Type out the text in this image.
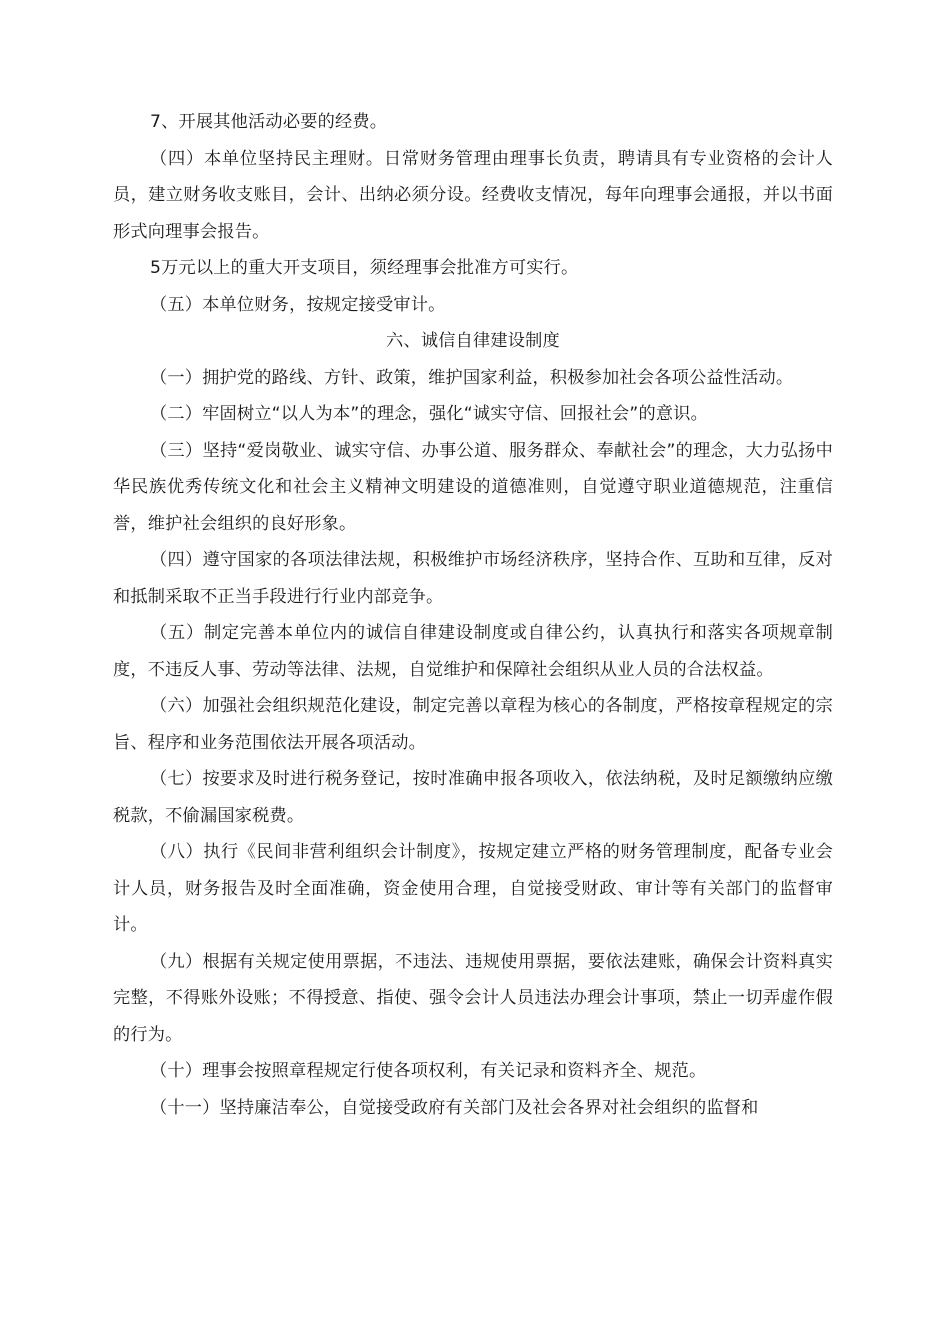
7、开展其他活动必要的经费。

（四）本单位坚持民主理财。日常财务管理由理事长负责，聘请具有专业资格的会计人员，建立财务收支账目，会计、出纳必须分设。经费收支情况，每年向理事会通报，并以书面形式向理事会报告。

5万元以上的重大开支项目，须经理事会批准方可实行。

（五）本单位财务，按规定接受审计。

六、诚信自律建设制度

（一）拥护党的路线、方针、政策，维护国家利益，积极参加社会各项公益性活动。

（二）牢固树立“以人为本”的理念，强化“诚实守信、回报社会”的意识。

（三）坚持“爱岗敬业、诚实守信、办事公道、服务群众、奉献社会”的理念，大力弘扬中华民族优秀传统文化和社会主义精神文明建设的道德准则，自觉遵守职业道德规范，注重信誉，维护社会组织的良好形象。

（四）遵守国家的各项法律法规，积极维护市场经济秩序，坚持合作、互助和互律，反对和抵制采取不正当手段进行行业内部竞争。

（五）制定完善本单位内的诚信自律建设制度或自律公约，认真执行和落实各项规章制度，不违反人事、劳动等法律、法规，自觉维护和保障社会组织从业人员的合法权益。

（六）加强社会组织规范化建设，制定完善以章程为核心的各制度，严格按章程规定的宗旨、程序和业务范围依法开展各项活动。

（七）按要求及时进行税务登记，按时准确申报各项收入，依法纳税，及时足额缴纳应缴税款，不偷漏国家税费。

（八）执行《民间非营利组织会计制度》，按规定建立严格的财务管理制度，配备专业会计人员，财务报告及时全面准确，资金使用合理，自觉接受财政、审计等有关部门的监督审计。

（九）根据有关规定使用票据，不违法、违规使用票据，要依法建账，确保会计资料真实完整，不得账外设账；不得授意、指使、强令会计人员违法办理会计事项，禁止一切弄虚作假的行为。

（十）理事会按照章程规定行使各项权利，有关记录和资料齐全、规范。

（十一）坚持廉洁奉公，自觉接受政府有关部门及社会各界对社会组织的监督和
